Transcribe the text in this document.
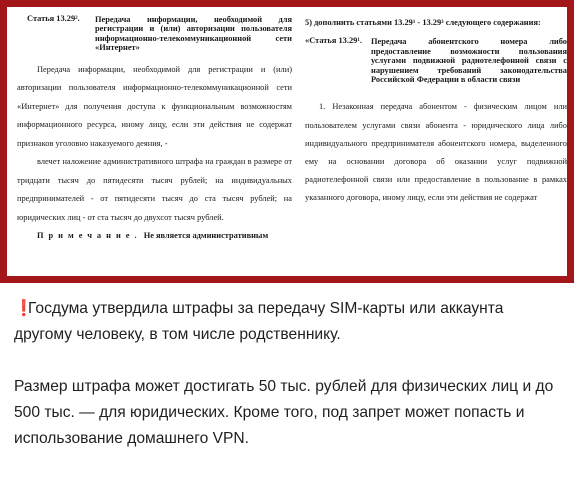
Статья 13.29².	Передача информации, необходимой для регистрации и (или) авторизации пользователя информационно-телекоммуникационной сети «Интернет»

Передача информации, необходимой для регистрации и (или) авторизации пользователя информационно-телекоммуникационной сети «Интернет» для получения доступа к функциональным возможностям информационного ресурса, иному лицу, если эти действия не содержат признаков уголовно наказуемого деяния, -

влечет наложение административного штрафа на граждан в размере от тридцати тысяч до пятидесяти тысяч рублей; на индивидуальных предпринимателей - от пятидесяти тысяч до ста тысяч рублей; на юридических лиц - от ста тысяч до двухсот тысяч рублей.

Примечание. Не является административным

5) дополнить статьями 13.29¹ - 13.29³ следующего содержания:
«Статья 13.29¹.	Передача абонентского номера либо предоставление возможности пользования услугами подвижной радиотелефонной связи с нарушением требований законодательства Российской Федерации в области связи

1. Незаконная передача абонентом - физическим лицом или пользователем услугами связи абонента - юридического лица либо индивидуального предпринимателя абонентского номера, выделенного ему на основании договора об оказании услуг подвижной радиотелефонной связи или предоставление в пользование в рамках указанного договора, иному лицу, если эти действия не содержат

❗Госдума утвердила штрафы за передачу SIM-карты или аккаунта другому человеку, в том числе родственнику.

Размер штрафа может достигать 50 тыс. рублей для физических лиц и до 500 тыс. — для юридических. Кроме того, под запрет может попасть и использование домашнего VPN.
